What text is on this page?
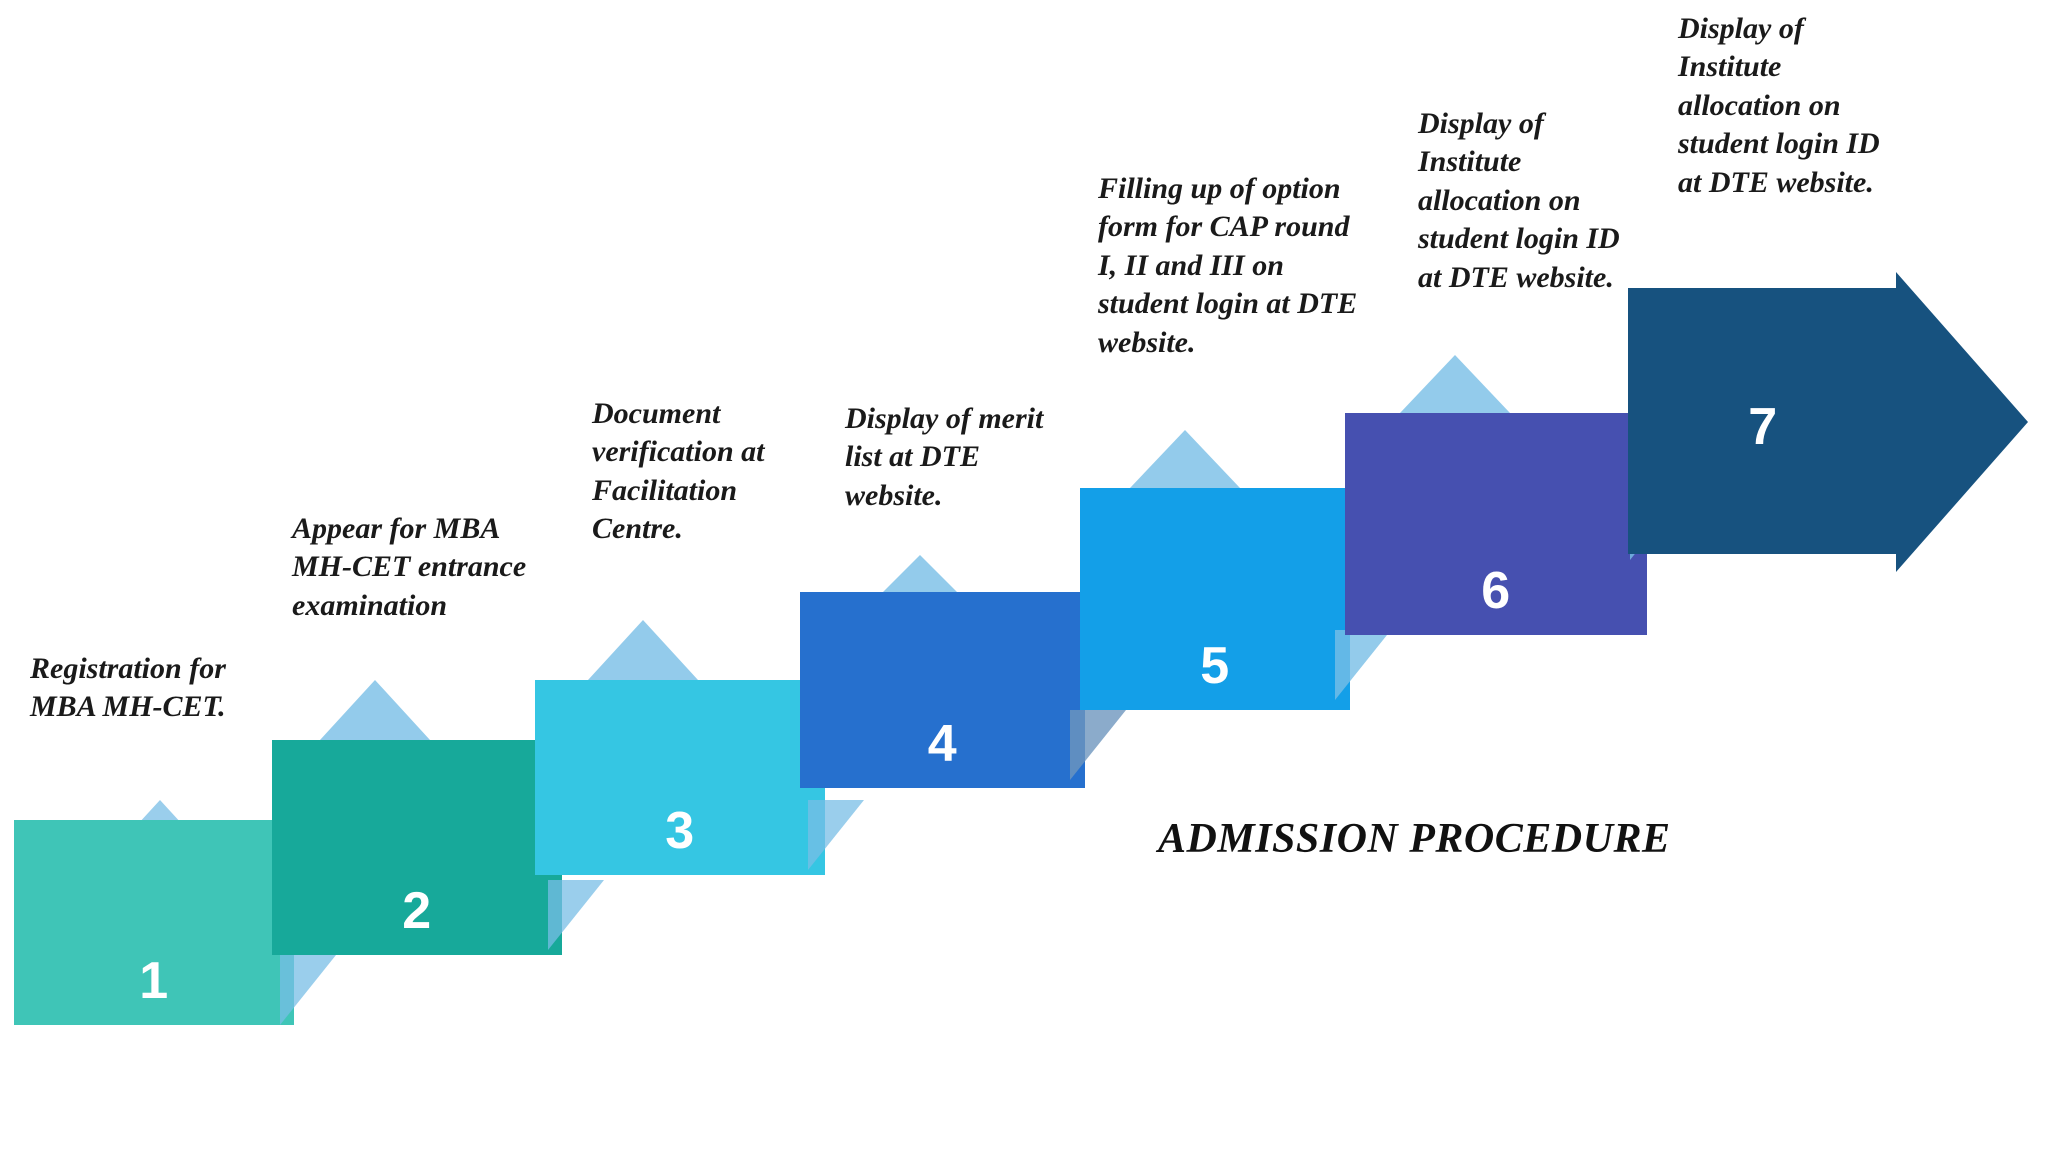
Registration for MBA MH-CET.
1
Appear for MBA MH-CET entrance examination
2
Document verification at Facilitation Centre.
3
Display of merit list at DTE website.
4
Filling up of option form for CAP round I, II and III on student login at DTE website.
5
Display of Institute allocation on student login ID at DTE website.
6
Display of Institute allocation on student login ID at DTE website.
7
ADMISSION PROCEDURE
